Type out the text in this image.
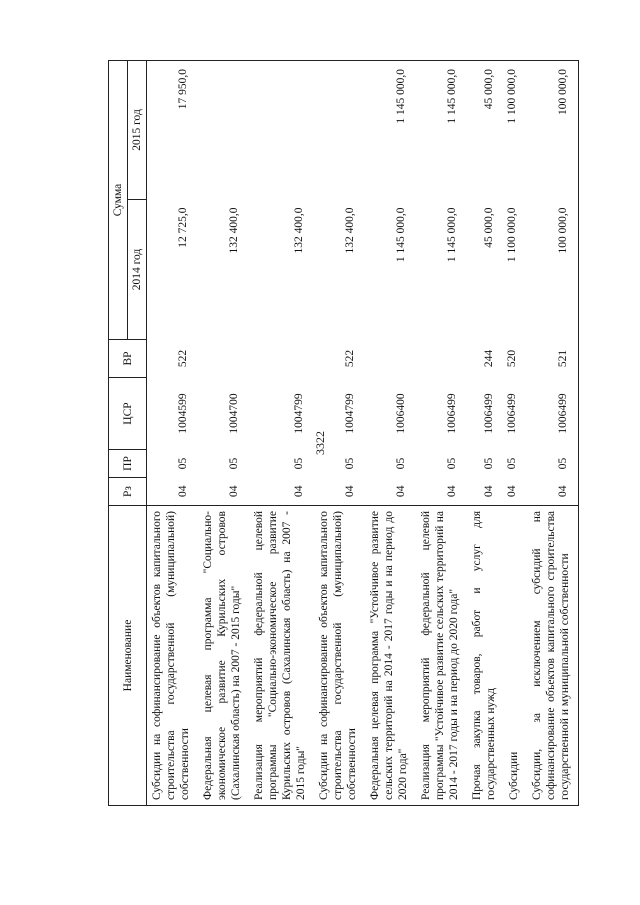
3322
Наименование	Рз	ПР	ЦСР	ВР	Сумма	
					2014 год	2015 год
Субсидии на софинансирование объектов капитального строительства государственной (муниципальной) собственности	04	05	1004599	522	12 725,0	17 950,0
Федеральная целевая программа "Социально-экономическое развитие Курильских островов (Сахалинская область) на 2007 - 2015 годы"	04	05	1004700		132 400,0	
Реализация мероприятий федеральной целевой программы "Социально-экономическое развитие Курильских островов (Сахалинская область) на 2007 - 2015 годы"	04	05	1004799		132 400,0	
Субсидии на софинансирование объектов капитального строительства государственной (муниципальной) собственности	04	05	1004799	522	132 400,0	
Федеральная целевая программа "Устойчивое развитие сельских территорий на 2014 - 2017 годы и на период до 2020 года"	04	05	1006400		1 145 000,0	1 145 000,0
Реализация мероприятий федеральной целевой программы "Устойчивое развитие сельских территорий на 2014 - 2017 годы и на период до 2020 года"	04	05	1006499		1 145 000,0	1 145 000,0
Прочая закупка товаров, работ и услуг для государственных нужд	04	05	1006499	244	45 000,0	45 000,0
Субсидии	04	05	1006499	520	1 100 000,0	1 100 000,0
Субсидии, за исключением субсидий на софинансирование объектов капитального строительства государственной и муниципальной собственности	04	05	1006499	521	100 000,0	100 000,0
